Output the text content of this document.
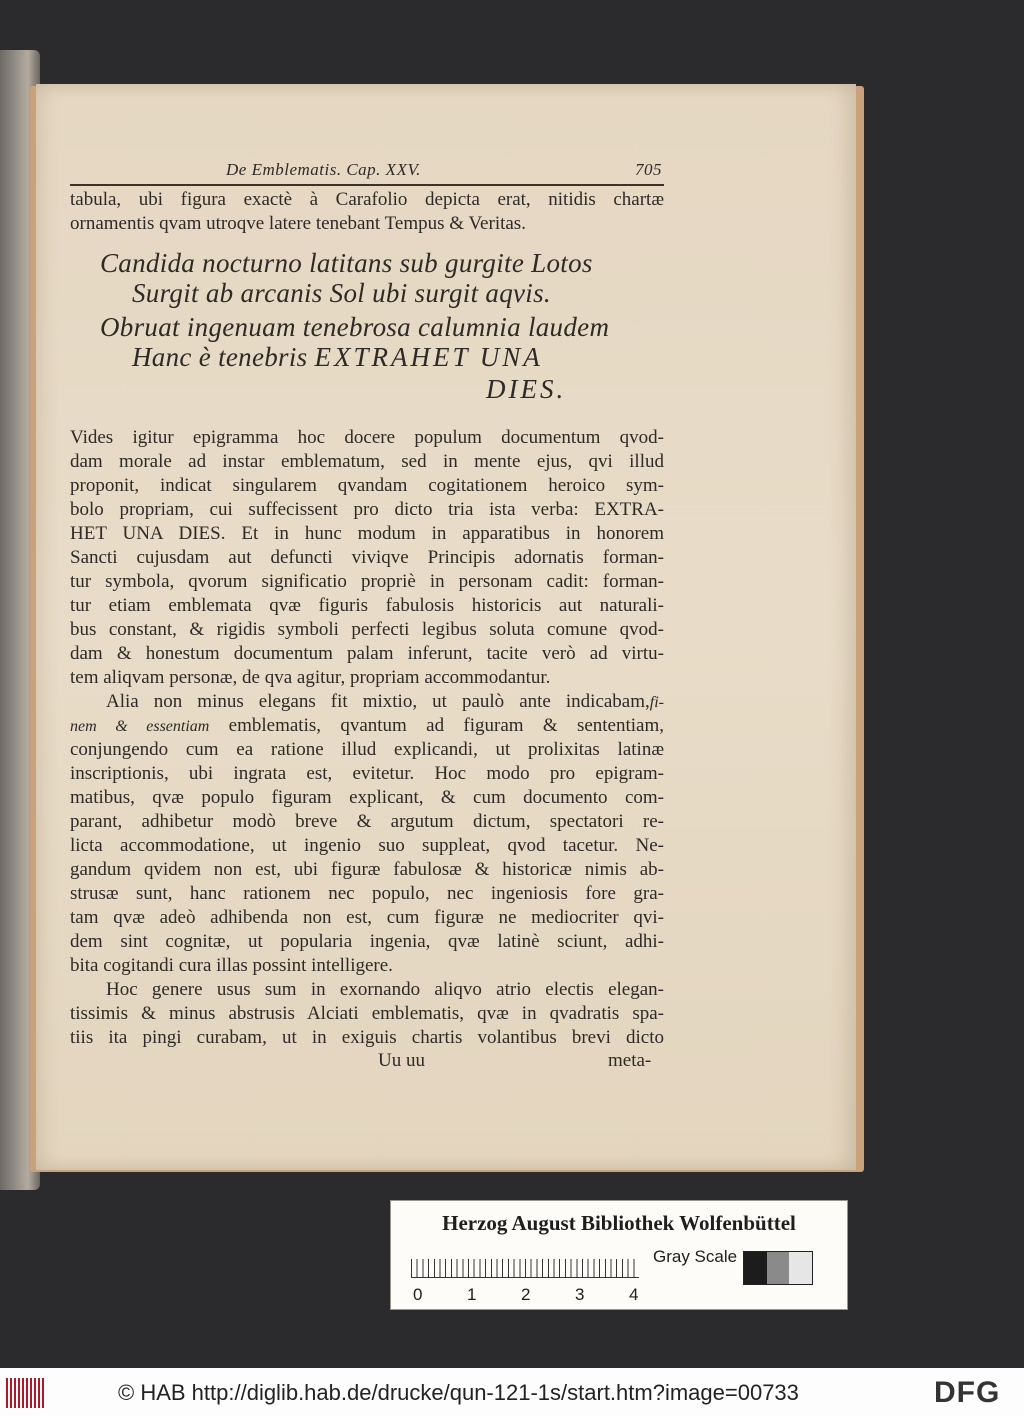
De Emblematis. Cap. XXV.	705
tabula, ubi figura exactè à Carafolio depicta erat, nitidis chartæ
ornamentis qvam utroqve latere tenebant Tempus & Veritas.
Candida nocturno latitans sub gurgite Lotos
Surgit ab arcanis Sol ubi surgit aqvis.
Obruat ingenuam tenebrosa calumnia laudem
Hanc è tenebris EXTRAHET UNA
DIES.
Vides igitur epigramma hoc docere populum documentum qvod-
dam morale ad instar emblematum, sed in mente ejus, qvi illud
proponit, indicat singularem qvandam cogitationem heroico sym-
bolo propriam, cui suffecissent pro dicto tria ista verba: EXTRA-
HET UNA DIES. Et in hunc modum in apparatibus in honorem
Sancti cujusdam aut defuncti viviqve Principis adornatis forman-
tur symbola, qvorum significatio propriè in personam cadit: forman-
tur etiam emblemata qvæ figuris fabulosis historicis aut naturali-
bus constant, & rigidis symboli perfecti legibus soluta comune qvod-
dam & honestum documentum palam inferunt, tacite verò ad virtu-
tem aliqvam personæ, de qva agitur, propriam accommodantur.
Alia non minus elegans fit mixtio, ut paulò ante indicabam,fi-
nem & essentiam emblematis, qvantum ad figuram & sententiam,
conjungendo cum ea ratione illud explicandi, ut prolixitas latinæ
inscriptionis, ubi ingrata est, evitetur. Hoc modo pro epigram-
matibus, qvæ populo figuram explicant, & cum documento com-
parant, adhibetur modò breve & argutum dictum, spectatori re-
licta accommodatione, ut ingenio suo suppleat, qvod tacetur. Ne-
gandum qvidem non est, ubi figuræ fabulosæ & historicæ nimis ab-
strusæ sunt, hanc rationem nec populo, nec ingeniosis fore gra-
tam qvæ adeò adhibenda non est, cum figuræ ne mediocriter qvi-
dem sint cognitæ, ut popularia ingenia, qvæ latinè sciunt, adhi-
bita cogitandi cura illas possint intelligere.
Hoc genere usus sum in exornando aliqvo atrio electis elegan-
tissimis & minus abstrusis Alciati emblematis, qvæ in qvadratis spa-
tiis ita pingi curabam, ut in exiguis chartis volantibus brevi dicto
Uu uu	meta-
Herzog August Bibliothek Wolfenbüttel
0	1	2	3	4
Gray Scale
© HAB http://diglib.hab.de/drucke/qun-121-1s/start.htm?image=00733	DFG
